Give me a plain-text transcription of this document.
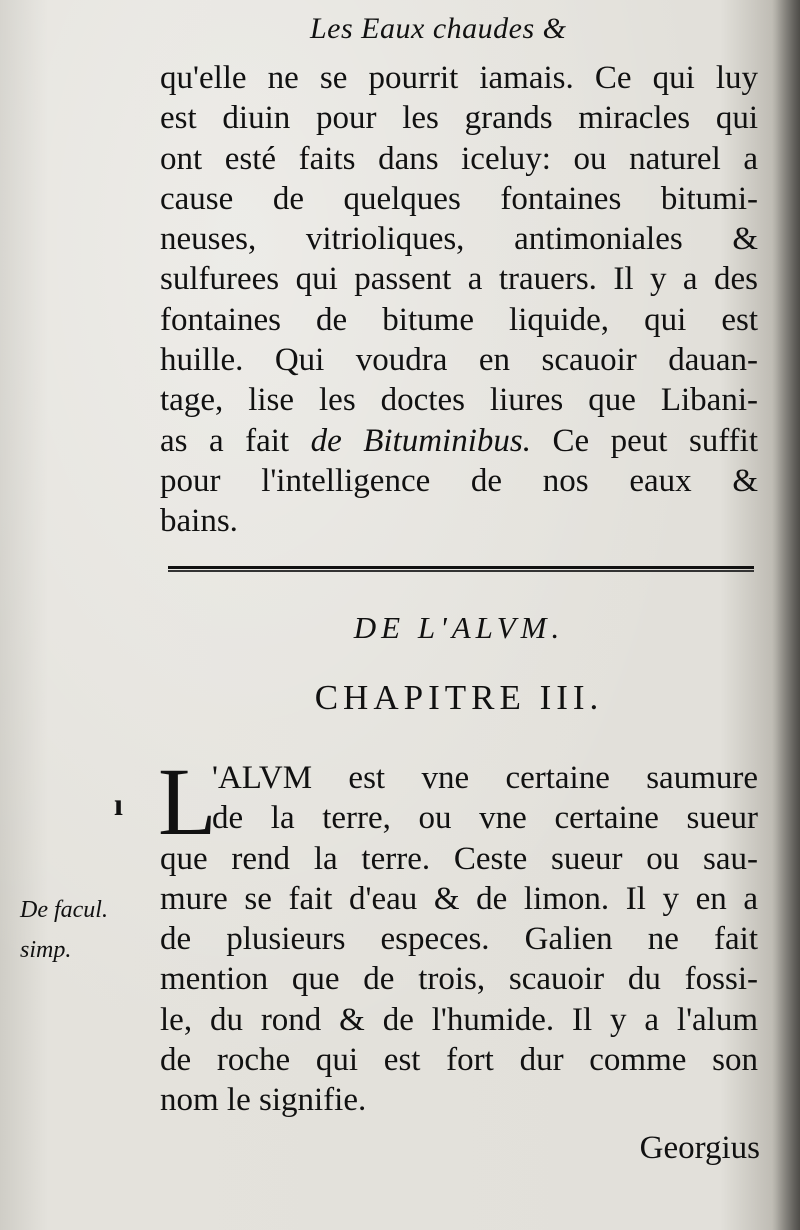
Les Eaux chaudes &
qu'elle ne se pourrit iamais. Ce qui luy
est diuin pour les grands miracles qui
ont esté faits dans iceluy: ou naturel a
cause de quelques fontaines bitumi-
neuses, vitrioliques, antimoniales &
sulfurees qui passent a trauers. Il y a des
fontaines de bitume liquide, qui est
huille. Qui voudra en scauoir dauan-
tage, lise les doctes liures que Libani-
as a fait de Bituminibus. Ce peut suffit
pour l'intelligence de nos eaux &
bains.
DE L'ALVM.
CHAPITRE III.
ı L
'ALVM est vne certaine saumure
de la terre, ou vne certaine sueur
que rend la terre. Ceste sueur ou sau-
mure se fait d'eau & de limon. Il y en a
de plusieurs especes. Galien ne fait
mention que de trois, scauoir du fossi-
le, du rond & de l'humide. Il y a l'alum
de roche qui est fort dur comme son
nom le signifie.
De facul.
simp.
Georgius
